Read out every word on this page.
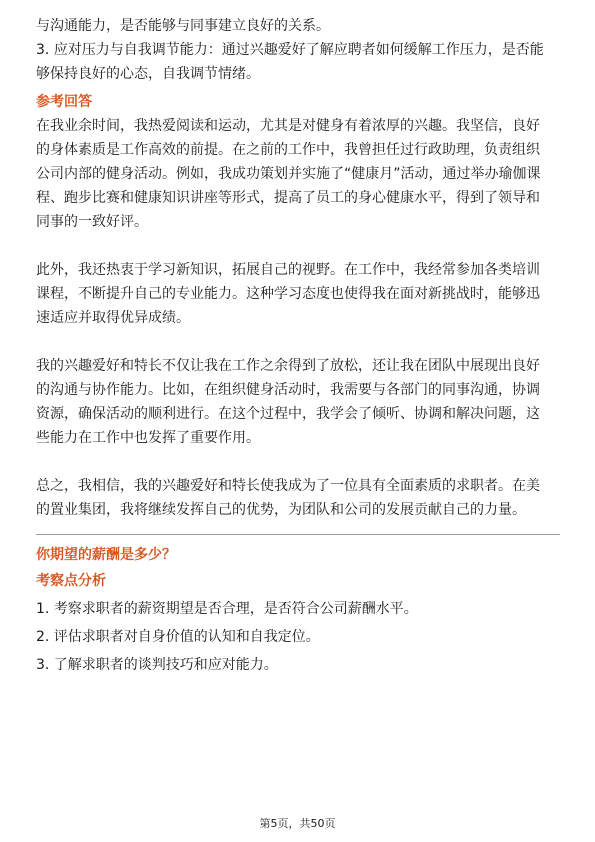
与沟通能力，是否能够与同事建立良好的关系。

3. 应对压力与自我调节能力：通过兴趣爱好了解应聘者如何缓解工作压力，是否能

够保持良好的心态，自我调节情绪。

参考回答

在我业余时间，我热爱阅读和运动，尤其是对健身有着浓厚的兴趣。我坚信，良好

的身体素质是工作高效的前提。在之前的工作中，我曾担任过行政助理，负责组织

公司内部的健身活动。例如，我成功策划并实施了“健康月”活动，通过举办瑜伽课

程、跑步比赛和健康知识讲座等形式，提高了员工的身心健康水平，得到了领导和

同事的一致好评。

此外，我还热衷于学习新知识，拓展自己的视野。在工作中，我经常参加各类培训

课程，不断提升自己的专业能力。这种学习态度也使得我在面对新挑战时，能够迅

速适应并取得优异成绩。

我的兴趣爱好和特长不仅让我在工作之余得到了放松，还让我在团队中展现出良好

的沟通与协作能力。比如，在组织健身活动时，我需要与各部门的同事沟通，协调

资源，确保活动的顺利进行。在这个过程中，我学会了倾听、协调和解决问题，这

些能力在工作中也发挥了重要作用。

总之，我相信，我的兴趣爱好和特长使我成为了一位具有全面素质的求职者。在美

的置业集团，我将继续发挥自己的优势，为团队和公司的发展贡献自己的力量。

你期望的薪酬是多少？
考察点分析

1. 考察求职者的薪资期望是否合理，是否符合公司薪酬水平。

2. 评估求职者对自身价值的认知和自我定位。

3. 了解求职者的谈判技巧和应对能力。

第5页，共50页
